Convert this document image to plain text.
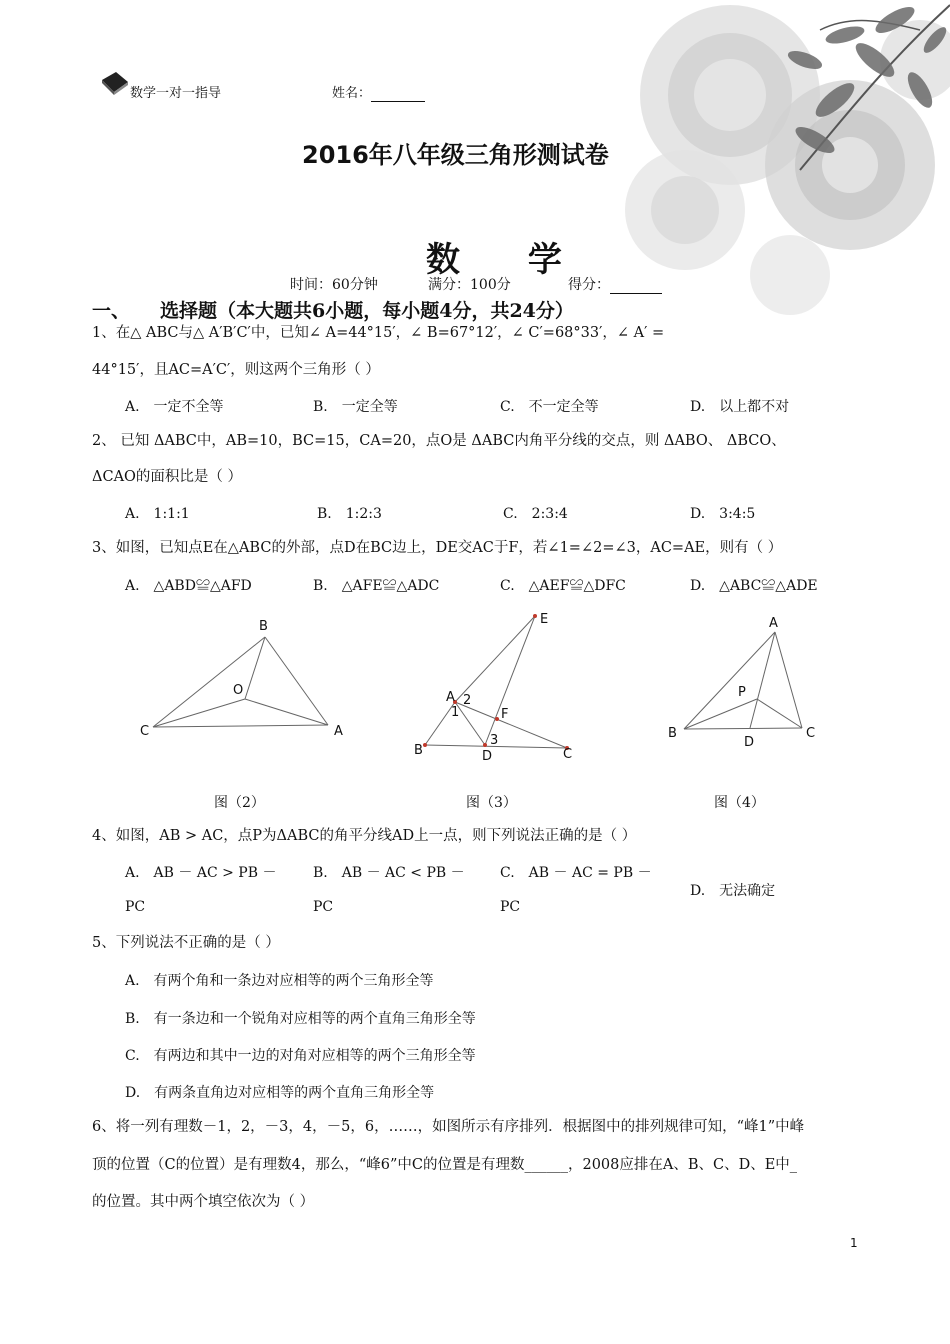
数学一对一指导	姓名：
2016年八年级三角形测试卷
数 学
时间：60分钟	满分：100分	得分：
一、 选择题（本大题共6小题，每小题4分，共24分）
1、在△ ABC与△ A′B′C′中，已知∠ A=44°15′，∠ B=67°12′，∠ C′=68°33′，∠ A′ =
44°15′，且AC=A′C′，则这两个三角形（ ）
A.　一定不全等	B.　一定全等	C.　不一定全等	D.　以上都不对
2、 已知 ΔABC中，AB=10，BC=15，CA=20，点O是 ΔABC内角平分线的交点，则 ΔABO、 ΔBCO、
ΔCAO的面积比是（ ）
A.　1:1:1	B.　1:2:3	C.　2:3:4	D.　3:4:5
3、如图，已知点E在△ABC的外部，点D在BC边上，DE交AC于F，若∠1=∠2=∠3，AC=AE，则有（ ）
A.　△ABD≌△AFD	B.　△AFE≌△ADC	C.　△AEF≌△DFC	D.　△ABC≌△ADE
B
O
C	A
图（2）
E
A 2
1	F
3
B	D	C
图（3）
A
P
B
D
C
图（4）
4、如图，AB > AC，点P为ΔABC的角平分线AD上一点，则下列说法正确的是（ ）
A.　AB － AC > PB －
PC
B.　AB － AC < PB －
PC
C.　AB － AC = PB －
PC
D.　无法确定
5、下列说法不正确的是（ ）
A.　有两个角和一条边对应相等的两个三角形全等
B.　有一条边和一个锐角对应相等的两个直角三角形全等
C.　有两边和其中一边的对角对应相等的两个三角形全等
D.　有两条直角边对应相等的两个直角三角形全等
6、将一列有理数－1，2，－3，4，－5，6，……，如图所示有序排列．根据图中的排列规律可知，“峰1”中峰
顶的位置（C的位置）是有理数4，那么，“峰6”中C的位置是有理数______，2008应排在A、B、C、D、E中_
的位置。其中两个填空依次为（ ）
1
